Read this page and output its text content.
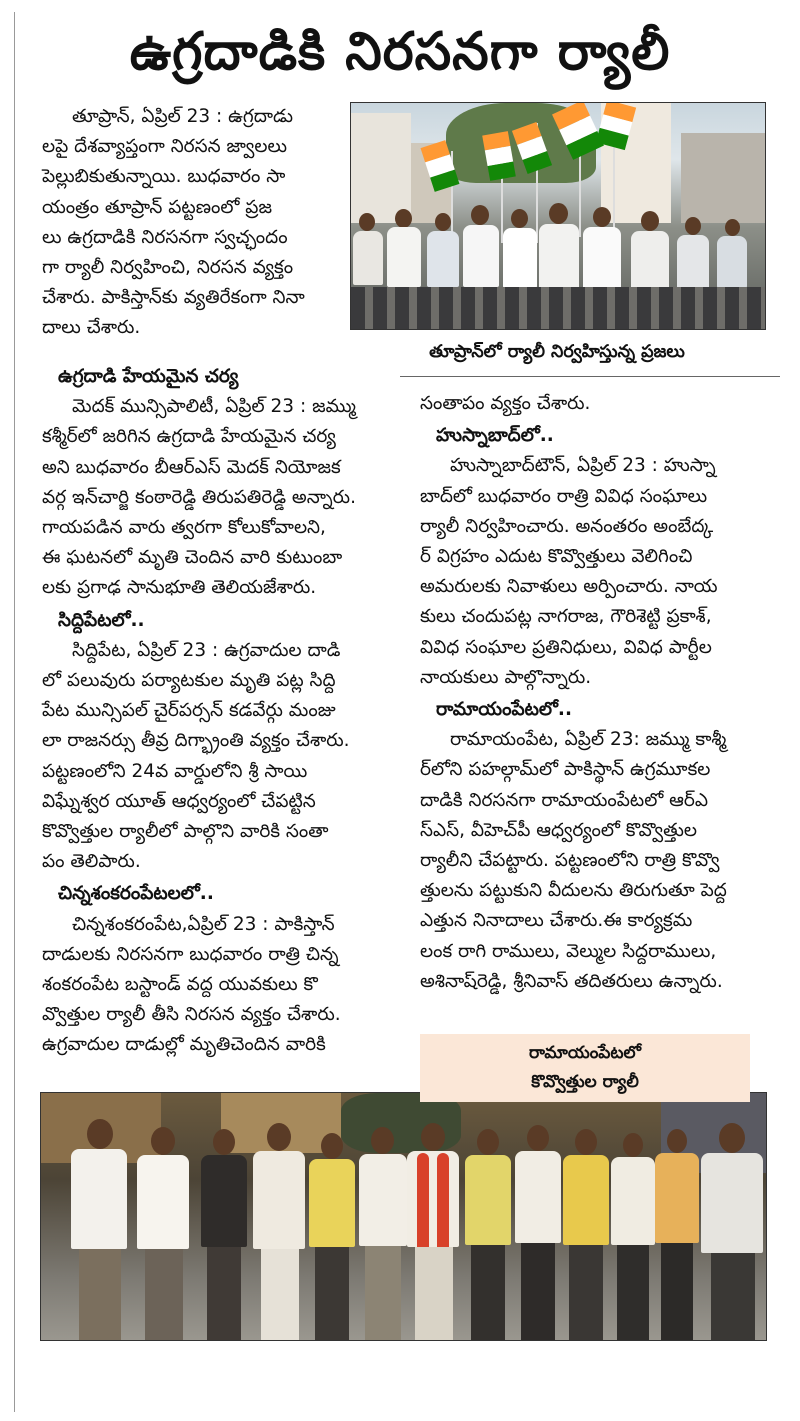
ఉగ్రదాడికి నిరసనగా ర్యాలీ

తూప్రాన్, ఏప్రిల్ 23 : ఉగ్రదాడు

లపై దేశవ్యాప్తంగా నిరసన జ్వాలలు

పెల్లుబికుతున్నాయి. బుధవారం సా

యంత్రం తూప్రాన్ పట్టణంలో ప్రజ

లు ఉగ్రదాడికి నిరసనగా స్వచ్ఛందం

గా ర్యాలీ నిర్వహించి, నిరసన వ్యక్తం

చేశారు. పాకిస్తాన్‌కు వ్యతిరేకంగా నినా

దాలు చేశారు.

తూప్రాన్‌లో ర్యాలీ నిర్వహిస్తున్న ప్రజలు
ఉగ్రదాడి హేయమైన చర్య

మెదక్ మున్సిపాలిటీ, ఏప్రిల్ 23 : జమ్ము

కశ్మీర్‌లో జరిగిన ఉగ్రదాడి హేయమైన చర్య

అని బుధవారం బీఆర్ఎస్ మెదక్ నియోజక

వర్గ ఇన్‌చార్జి కంఠారెడ్డి తిరుపతిరెడ్డి అన్నారు.

గాయపడిన వారు త్వరగా కోలుకోవాలని,

ఈ ఘటనలో మృతి చెందిన వారి కుటుంబా

లకు ప్రగాఢ సానుభూతి తెలియజేశారు.

సిద్దిపేటలో..

సిద్దిపేట, ఏప్రిల్ 23 : ఉగ్రవాదుల దాడి

లో పలువురు పర్యాటకుల మృతి పట్ల సిద్ది

పేట మున్సిపల్ చైర్‌పర్సన్ కడవేర్గు మంజు

లా రాజనర్సు తీవ్ర దిగ్భ్రాంతి వ్యక్తం చేశారు.

పట్టణంలోని 24వ వార్డులోని శ్రీ సాయి

విఘ్నేశ్వర యూత్ ఆధ్వర్యంలో చేపట్టిన

కొవ్వొత్తుల ర్యాలీలో పాల్గొని వారికి సంతా

పం తెలిపారు.

చిన్నశంకరంపేటలలో..

చిన్నశంకరంపేట,ఏప్రిల్ 23 : పాకిస్తాన్

దాడులకు నిరసనగా బుధవారం రాత్రి చిన్న

శంకరంపేట బస్టాండ్ వద్ద యువకులు కొ

వ్వొత్తుల ర్యాలీ తీసి నిరసన వ్యక్తం చేశారు.

ఉగ్రవాదుల దాడుల్లో మృతిచెందిన వారికి

సంతాపం వ్యక్తం చేశారు.

హుస్నాబాద్‌లో..

హుస్నాబాద్‌టౌన్, ఏప్రిల్ 23 : హుస్నా

బాద్‌లో బుధవారం రాత్రి వివిధ సంఘాలు

ర్యాలీ నిర్వహించారు. అనంతరం అంబేద్క

ర్ విగ్రహం ఎదుట కొవ్వొత్తులు వెలిగించి

అమరులకు నివాళులు అర్పించారు. నాయ

కులు చందుపట్ల నాగరాజ, గౌరిశెట్టి ప్రకాశ్,

వివిధ సంఘాల ప్రతినిధులు, వివిధ పార్టీల

నాయకులు పాల్గొన్నారు.

రామాయంపేటలో..

రామాయంపేట, ఏప్రిల్ 23: జమ్ము కాశ్మీ

ర్‌లోని పహల్గామ్‌లో పాకిస్థాన్ ఉగ్రమూకల

దాడికి నిరసనగా రామాయంపేటలో ఆర్ఎ

స్ఎస్, వీహెచ్‌పీ ఆధ్వర్యంలో కొవ్వొత్తుల

ర్యాలీని చేపట్టారు. పట్టణంలోని రాత్రి కొవ్వొ

త్తులను పట్టుకుని వీదులను తిరుగుతూ పెద్ద

ఎత్తున నినాదాలు చేశారు.ఈ కార్యక్రమ

లంక రాగి రాములు, వెల్ముల సిద్దరాములు,

అశినాష్‌రెడ్డి, శ్రీనివాస్ తదితరులు ఉన్నారు.

రామాయంపేటలో
కొవ్వొత్తుల ర్యాలీ
